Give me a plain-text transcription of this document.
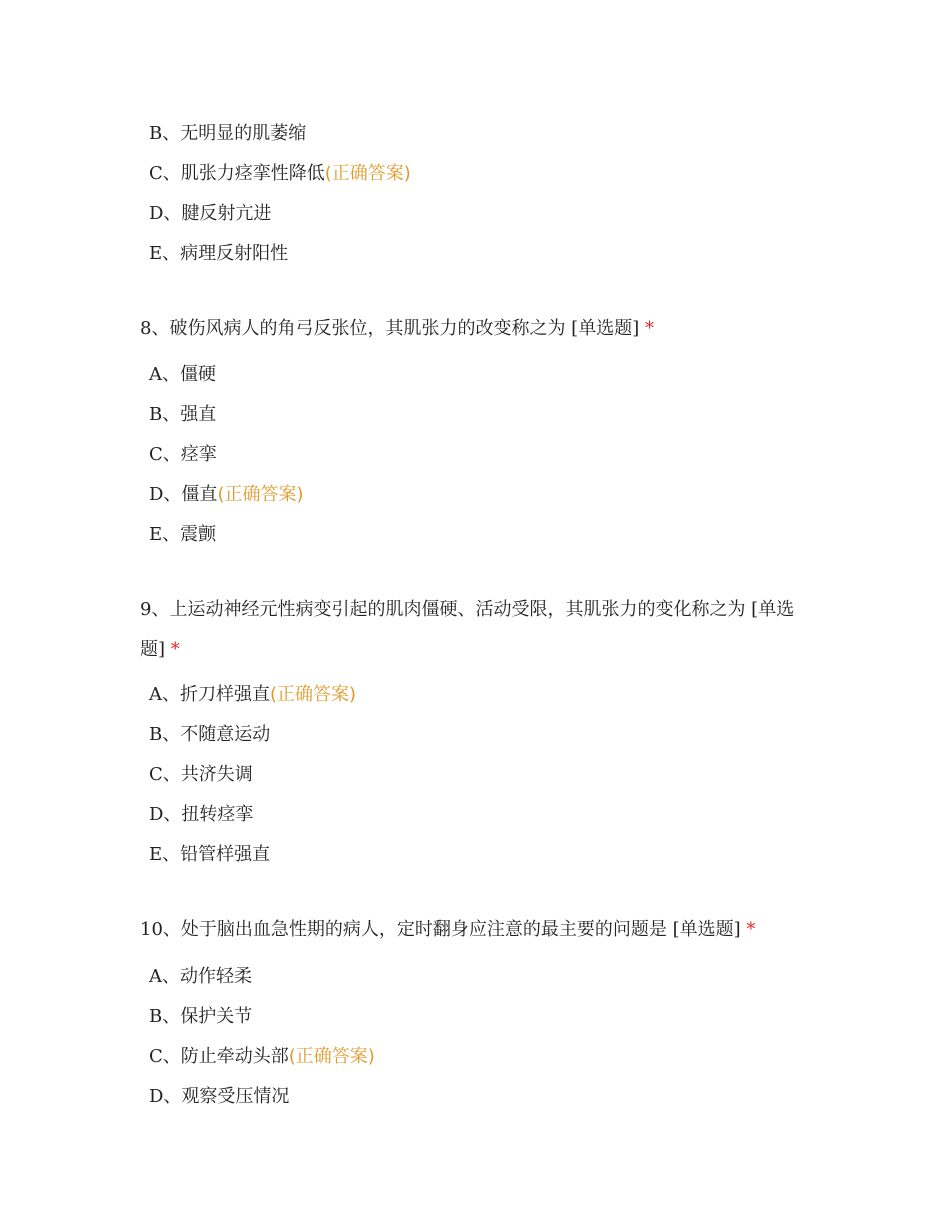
B、无明显的肌萎缩
C、肌张力痉挛性降低(正确答案)
D、腱反射亢进
E、病理反射阳性
8、破伤风病人的角弓反张位，其肌张力的改变称之为 [单选题] *
A、僵硬
B、强直
C、痉挛
D、僵直(正确答案)
E、震颤
9、上运动神经元性病变引起的肌肉僵硬、活动受限，其肌张力的变化称之为 [单选题] *
A、折刀样强直(正确答案)
B、不随意运动
C、共济失调
D、扭转痉挛
E、铅管样强直
10、处于脑出血急性期的病人，定时翻身应注意的最主要的问题是 [单选题] *
A、动作轻柔
B、保护关节
C、防止牵动头部(正确答案)
D、观察受压情况
